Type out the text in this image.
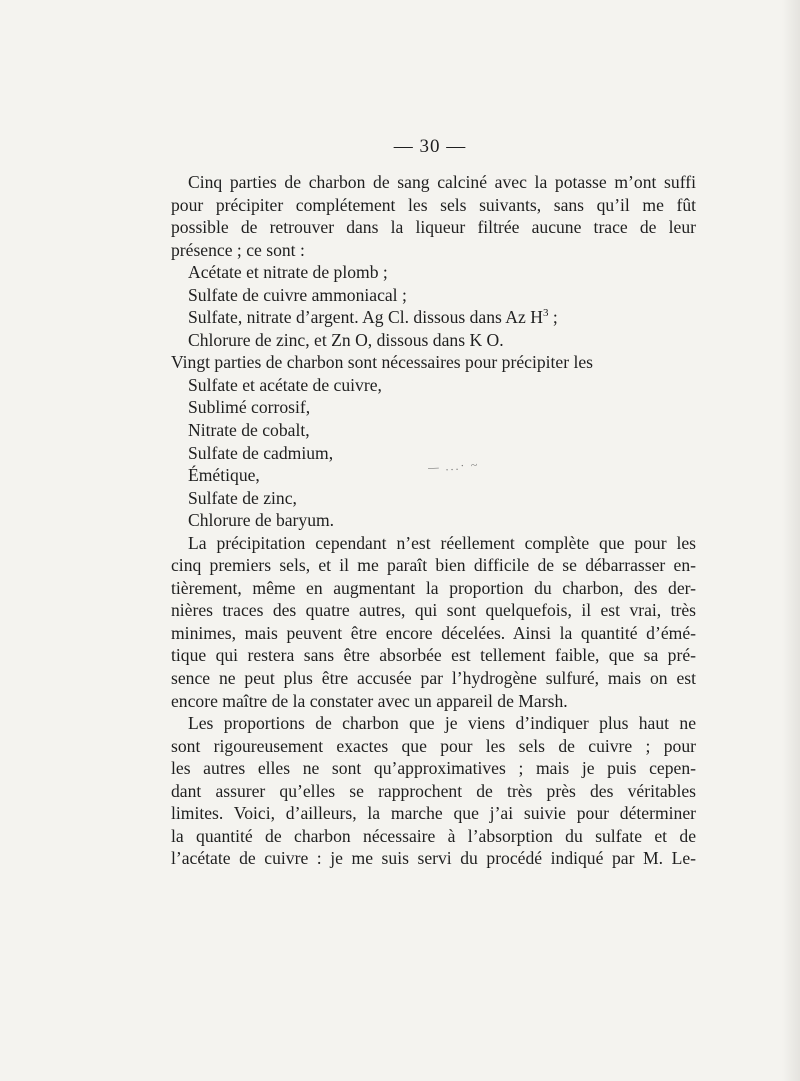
— 30 —
— ...· ~
Cinq parties de charbon de sang calciné avec la potasse m’ont suffi
pour précipiter complétement les sels suivants, sans qu’il me fût
possible de retrouver dans la liqueur filtrée aucune trace de leur
présence ; ce sont :
Acétate et nitrate de plomb ;
Sulfate de cuivre ammoniacal ;
Sulfate, nitrate d’argent. Ag Cl. dissous dans Az $H^3$ ;
Chlorure de zinc, et Zn O, dissous dans K O.
Vingt parties de charbon sont nécessaires pour précipiter les
Sulfate et acétate de cuivre,
Sublimé corrosif,
Nitrate de cobalt,
Sulfate de cadmium,
Émétique,
Sulfate de zinc,
Chlorure de baryum.
La précipitation cependant n’est réellement complète que pour les
cinq premiers sels, et il me paraît bien difficile de se débarrasser en-
tièrement, même en augmentant la proportion du charbon, des der-
nières traces des quatre autres, qui sont quelquefois, il est vrai, très
minimes, mais peuvent être encore décelées. Ainsi la quantité d’émé-
tique qui restera sans être absorbée est tellement faible, que sa pré-
sence ne peut plus être accusée par l’hydrogène sulfuré, mais on est
encore maître de la constater avec un appareil de Marsh.
Les proportions de charbon que je viens d’indiquer plus haut ne
sont rigoureusement exactes que pour les sels de cuivre ; pour
les autres elles ne sont qu’approximatives ; mais je puis cepen-
dant assurer qu’elles se rapprochent de très près des véritables
limites. Voici, d’ailleurs, la marche que j’ai suivie pour déterminer
la quantité de charbon nécessaire à l’absorption du sulfate et de
l’acétate de cuivre : je me suis servi du procédé indiqué par M. Le-
